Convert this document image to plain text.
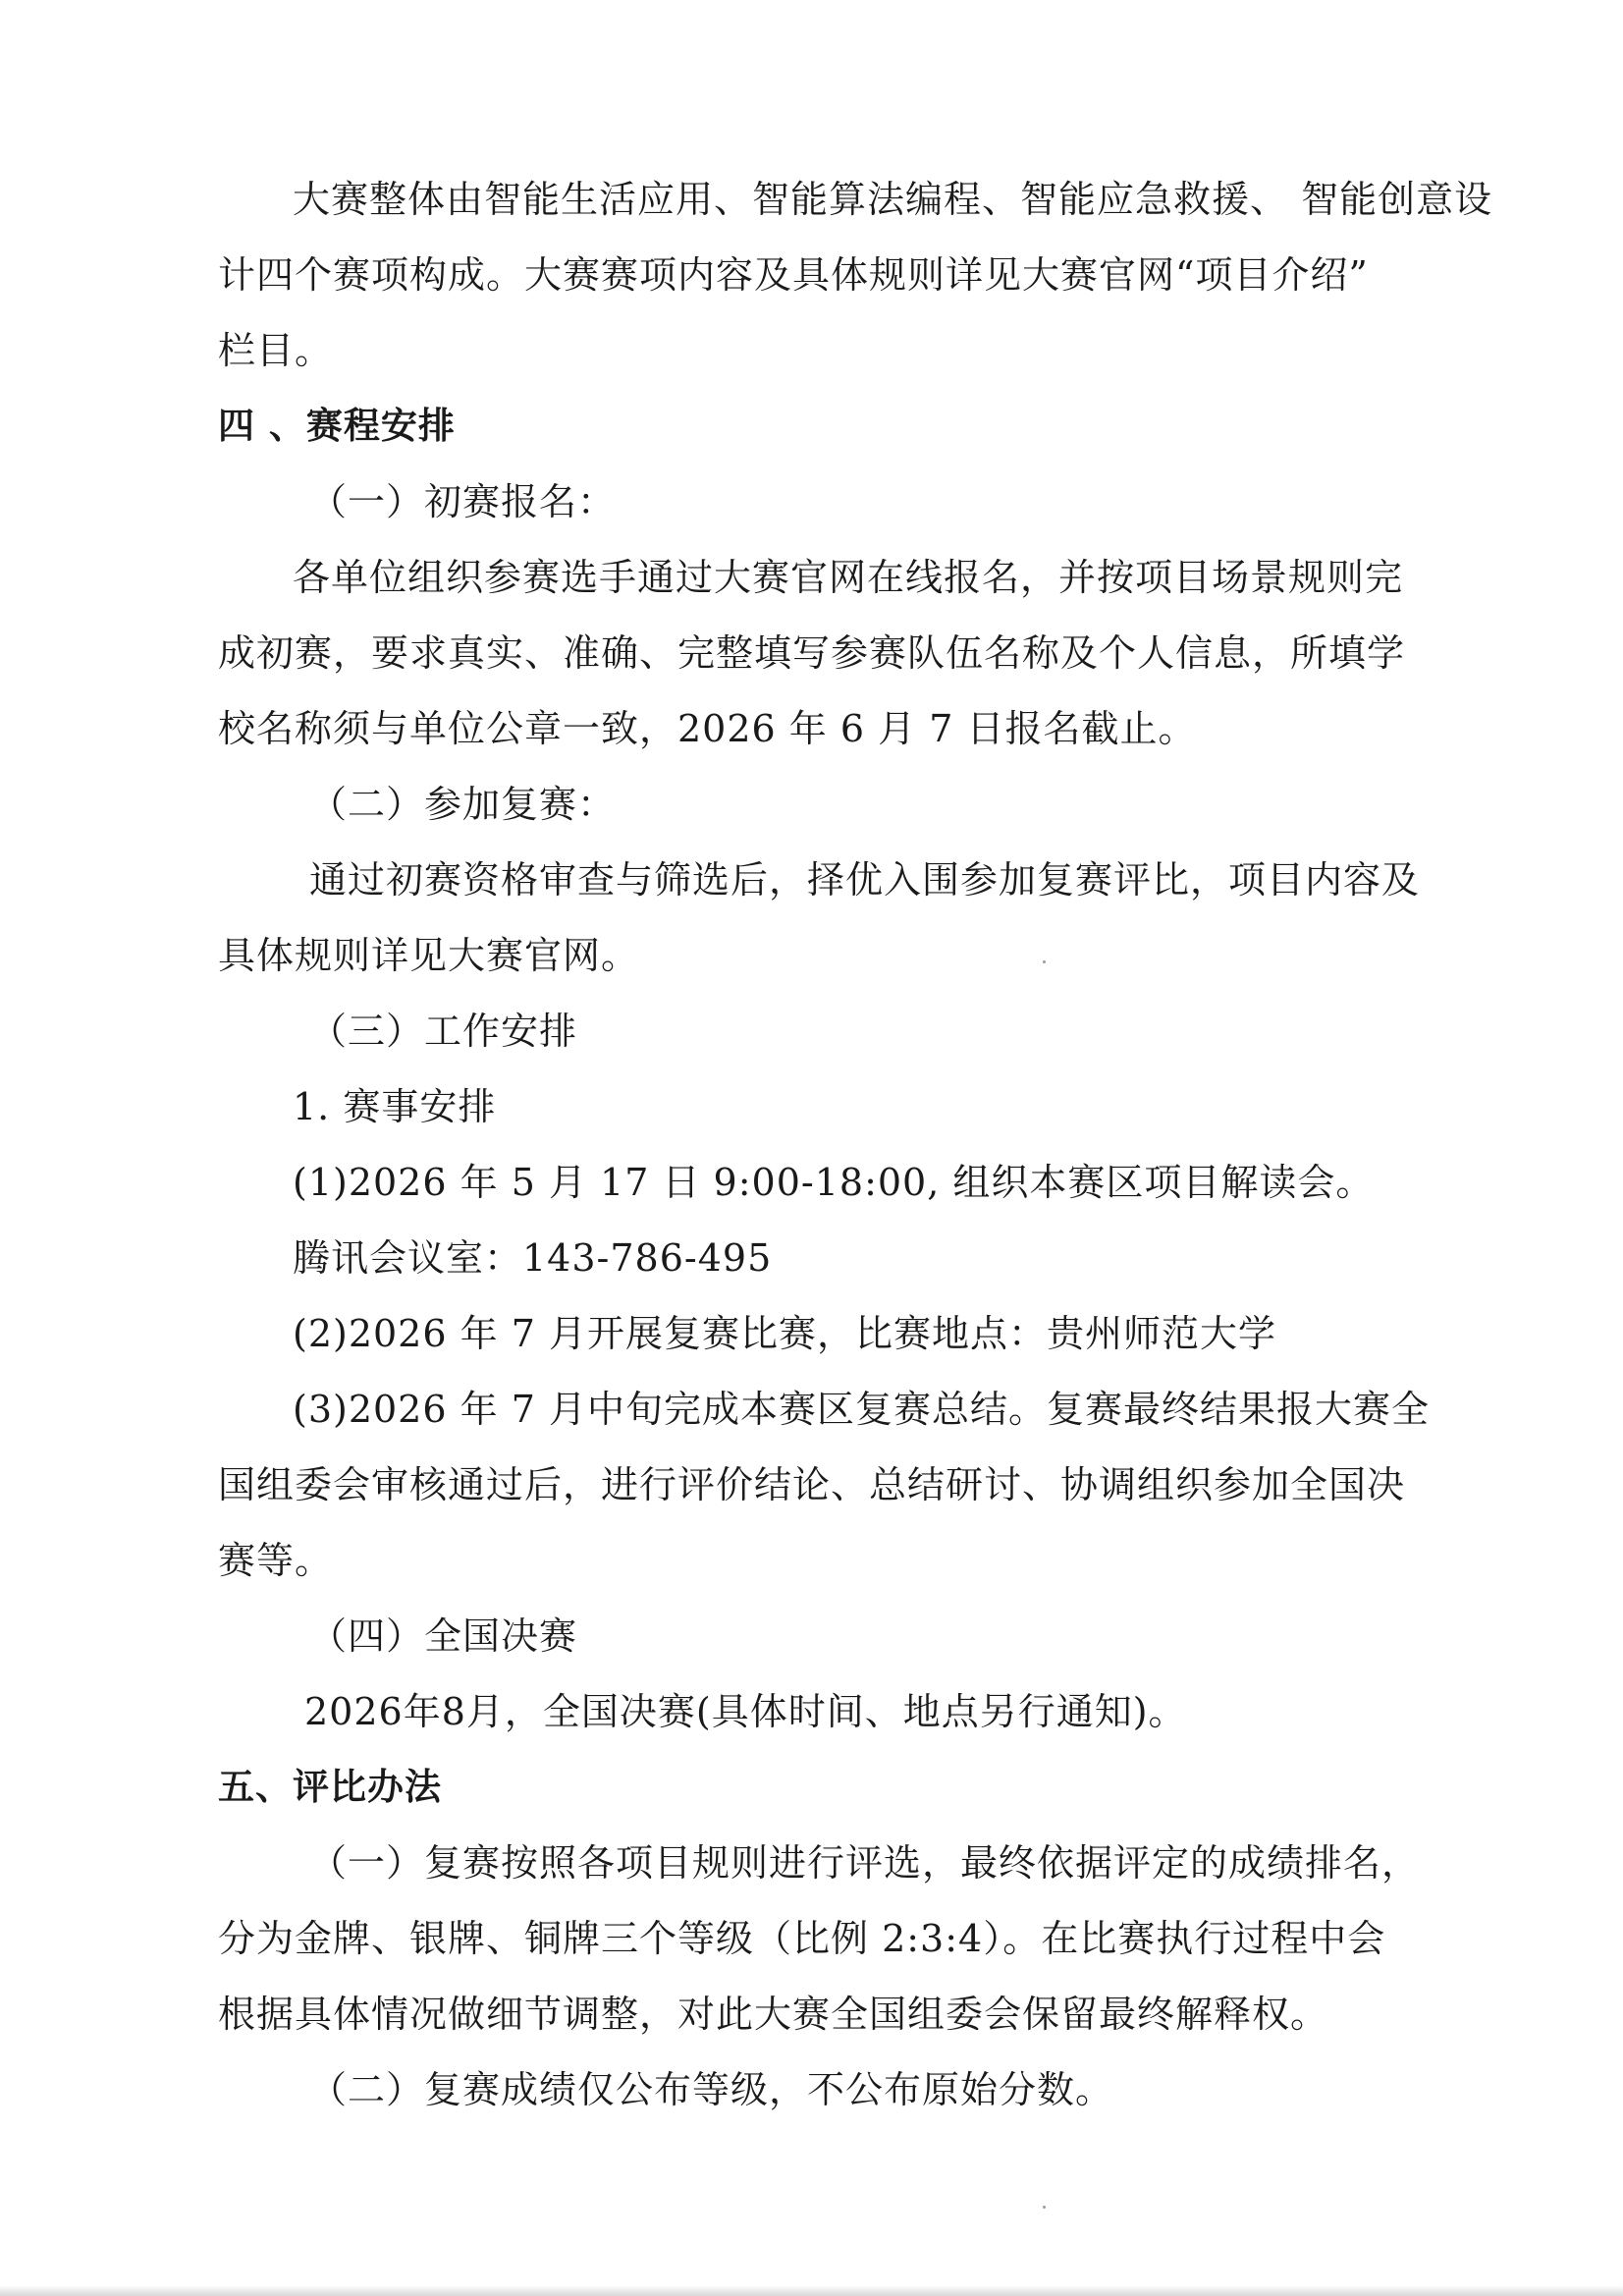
大赛整体由智能生活应用、智能算法编程、智能应急救援、 智能创意设
计四个赛项构成。大赛赛项内容及具体规则详见大赛官网“项目介绍”
栏目。
四 、赛程安排
（一）初赛报名：
各单位组织参赛选手通过大赛官网在线报名，并按项目场景规则完
成初赛，要求真实、准确、完整填写参赛队伍名称及个人信息，所填学
校名称须与单位公章一致，2026 年 6 月 7 日报名截止。
（二）参加复赛：
通过初赛资格审查与筛选后，择优入围参加复赛评比，项目内容及
具体规则详见大赛官网。
（三）工作安排
1. 赛事安排
(1)2026 年 5 月 17 日 9:00-18:00, 组织本赛区项目解读会。
腾讯会议室：143-786-495
(2)2026 年 7 月开展复赛比赛，比赛地点：贵州师范大学
(3)2026 年 7 月中旬完成本赛区复赛总结。复赛最终结果报大赛全
国组委会审核通过后，进行评价结论、总结研讨、协调组织参加全国决
赛等。
（四）全国决赛
2026年8月，全国决赛(具体时间、地点另行通知)。
五、评比办法
（一）复赛按照各项目规则进行评选，最终依据评定的成绩排名，
分为金牌、银牌、铜牌三个等级（比例 2:3:4）。在比赛执行过程中会
根据具体情况做细节调整，对此大赛全国组委会保留最终解释权。
（二）复赛成绩仅公布等级，不公布原始分数。
